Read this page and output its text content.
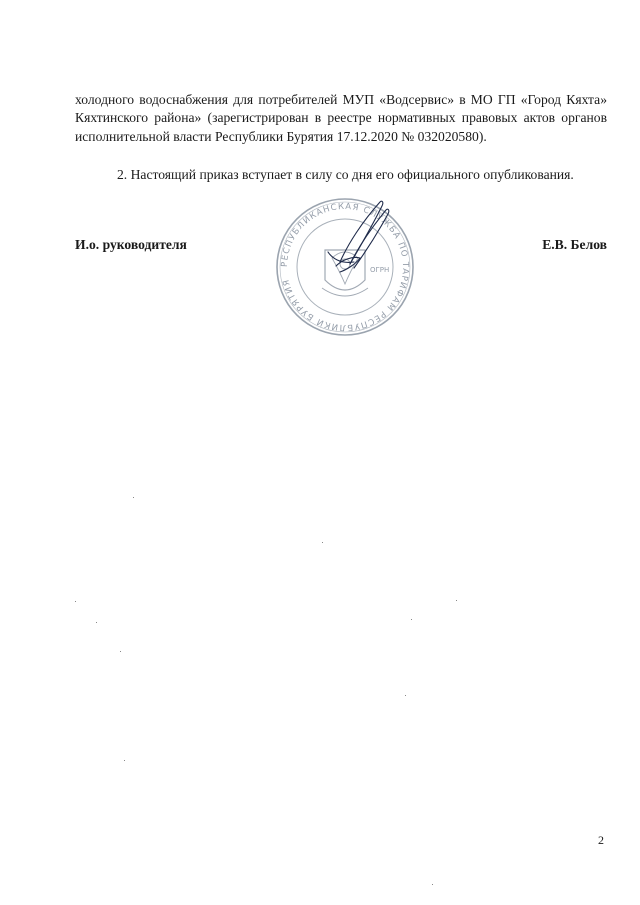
холодного водоснабжения для потребителей МУП «Водсервис» в МО ГП «Город Кяхта» Кяхтинского района» (зарегистрирован в реестре нормативных правовых актов органов исполнительной власти Республики Бурятия 17.12.2020 № 032020580).

2. Настоящий приказ вступает в силу со дня его официального опубликования.

И.о. руководителя	Е.В. Белов
РЕСПУБЛИКАНСКАЯ СЛУЖБА ПО ТАРИФАМ РЕСПУБЛИКИ БУРЯТИЯ
ОГРН
2
